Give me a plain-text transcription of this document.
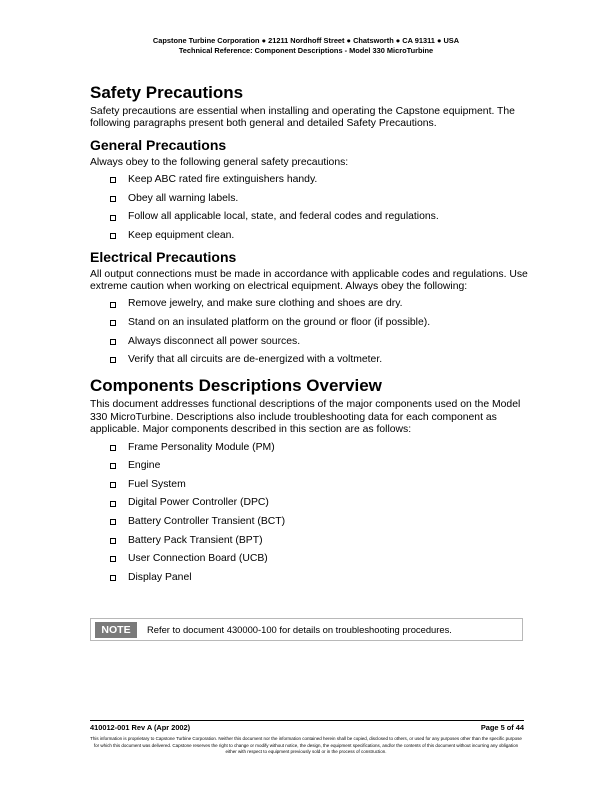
Capstone Turbine Corporation ● 21211 Nordhoff Street ● Chatsworth ● CA 91311 ● USA
Technical Reference: Component Descriptions - Model 330 MicroTurbine
Safety Precautions

Safety precautions are essential when installing and operating the Capstone equipment. The following paragraphs present both general and detailed Safety Precautions.

General Precautions

Always obey to the following general safety precautions:

Keep ABC rated fire extinguishers handy.
Obey all warning labels.
Follow all applicable local, state, and federal codes and regulations.
Keep equipment clean.
Electrical Precautions

All output connections must be made in accordance with applicable codes and regulations. Use extreme caution when working on electrical equipment. Always obey the following:

Remove jewelry, and make sure clothing and shoes are dry.
Stand on an insulated platform on the ground or floor (if possible).
Always disconnect all power sources.
Verify that all circuits are de-energized with a voltmeter.
Components Descriptions Overview

This document addresses functional descriptions of the major components used on the Model 330 MicroTurbine. Descriptions also include troubleshooting data for each component as applicable. Major components described in this section are as follows:

Frame Personality Module (PM)
Engine
Fuel System
Digital Power Controller (DPC)
Battery Controller Transient (BCT)
Battery Pack Transient (BPT)
User Connection Board (UCB)
Display Panel
NOTE	Refer to document 430000-100 for details on troubleshooting procedures.
410012-001 Rev A (Apr 2002)	Page 5 of 44
This information is proprietary to Capstone Turbine Corporation. Neither this document nor the information contained herein shall be copied, disclosed to others, or used for any purposes other than the specific purpose for which this document was delivered. Capstone reserves the right to change or modify without notice, the design, the equipment specifications, and/or the contents of this document without incurring any obligation either with respect to equipment previously sold or in the process of construction.
